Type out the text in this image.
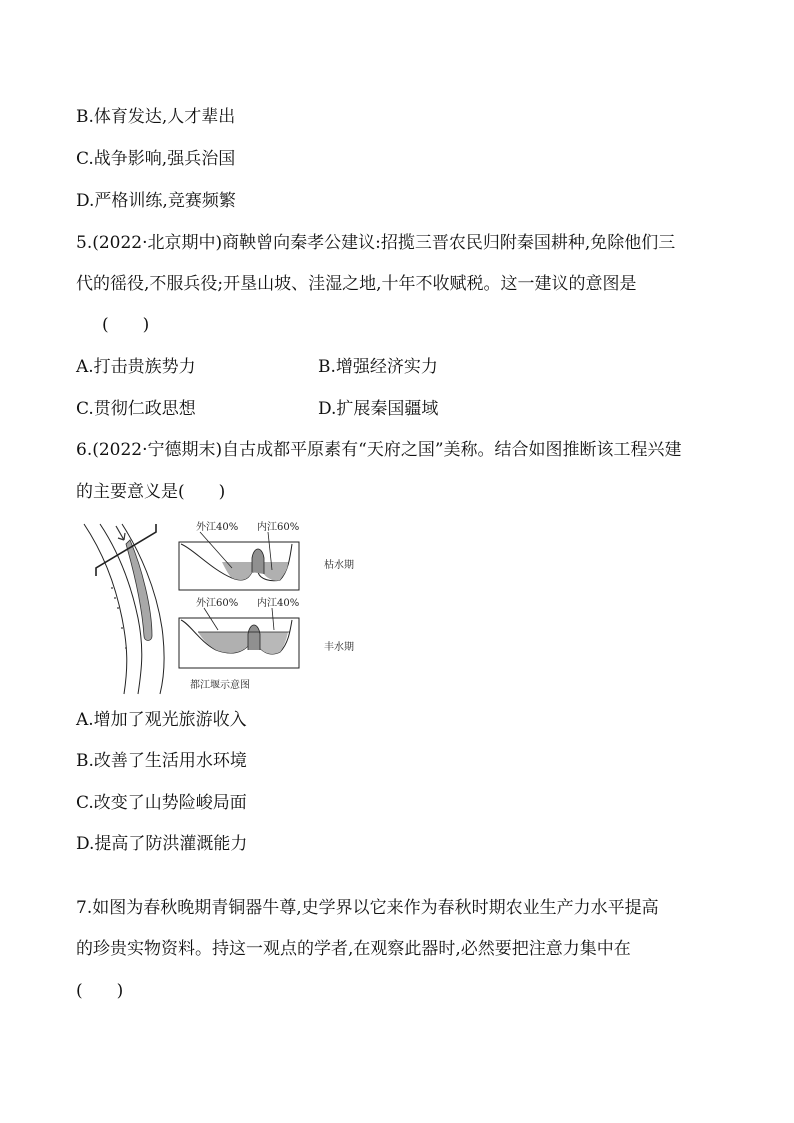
B.体育发达,人才辈出
C.战争影响,强兵治国
D.严格训练,竞赛频繁
5.(2022·北京期中)商鞅曾向秦孝公建议:招揽三晋农民归附秦国耕种,免除他们三
代的徭役,不服兵役;开垦山坡、洼湿之地,十年不收赋税。这一建议的意图是
(　　)
A.打击贵族势力	B.增强经济实力
C.贯彻仁政思想	D.扩展秦国疆域
6.(2022·宁德期末)自古成都平原素有“天府之国”美称。结合如图推断该工程兴建
的主要意义是(　　)
外江40% 内江60%
枯水期
外江60% 内江40%
丰水期
都江堰示意图
A.增加了观光旅游收入
B.改善了生活用水环境
C.改变了山势险峻局面
D.提高了防洪灌溉能力
7.如图为春秋晚期青铜器牛尊,史学界以它来作为春秋时期农业生产力水平提高
的珍贵实物资料。持这一观点的学者,在观察此器时,必然要把注意力集中在
(　　)
